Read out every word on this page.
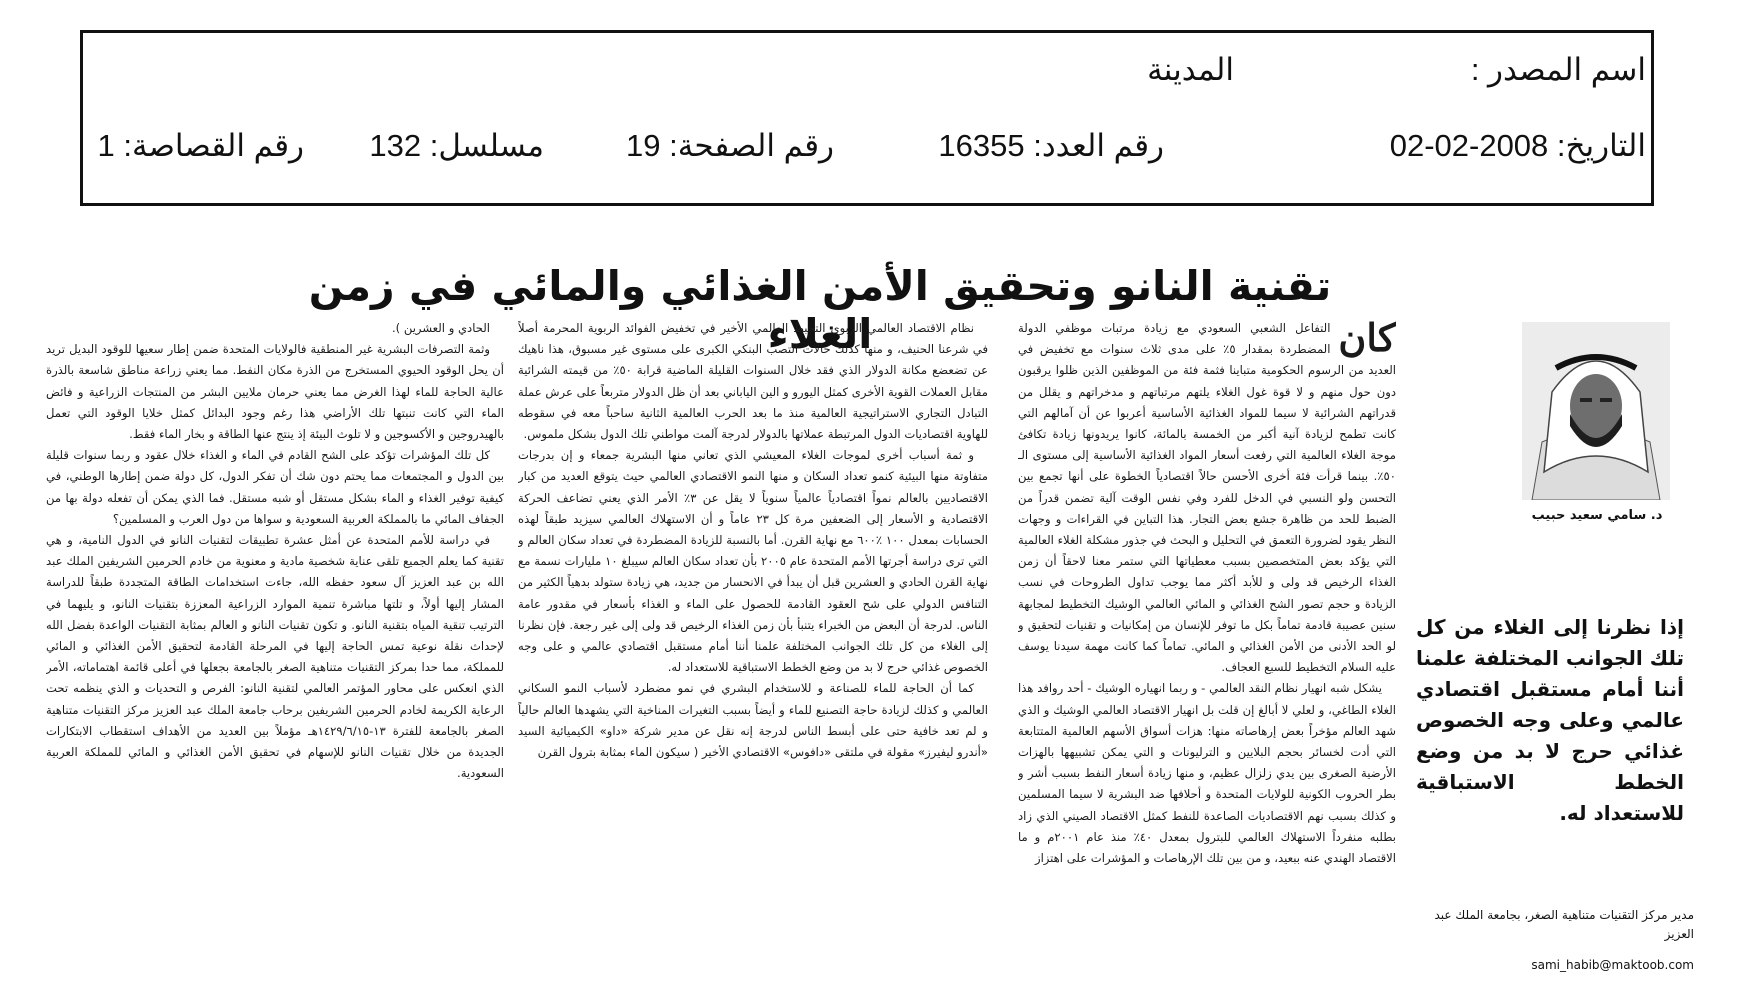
اسم المصدر :
المدينة
التاريخ: 2008-02-02
رقم العدد: 16355
رقم الصفحة: 19
مسلسل: 132
رقم القصاصة: 1
تقنية النانو وتحقيق الأمن الغذائي والمائي في زمن الغلاء	كان
التفاعل الشعبي السعودي مع زيادة مرتبات موظفي الدولة المضطردة بمقدار ٥٪ على مدى ثلاث سنوات مع تخفيض في العديد من الرسوم الحكومية متباينا فثمة فئة من الموظفين الذين ظلوا يرقبون دون حول منهم و لا قوة غول الغلاء يلتهم مرتباتهم و مدخراتهم و يقلل من قدراتهم الشرائية لا سيما للمواد الغذائية الأساسية أعربوا عن أن آمالهم التي كانت تطمح لزيادة آنية أكبر من الخمسة بالمائة، كانوا يريدونها زيادة تكافئ موجة الغلاء العالمية التي رفعت أسعار المواد الغذائية الأساسية إلى مستوى الـ ٥٠٪. بينما قرأت فئة أخرى الأحسن حالاً اقتصادياً الخطوة على أنها تجمع بين التحسن ولو النسبي في الدخل للفرد وفي نفس الوقت آلية تضمن قدراً من الضبط للحد من ظاهرة جشع بعض التجار. هذا التباين في القراءات و وجهات النظر يقود لضرورة التعمق في التحليل و البحث في جذور مشكلة الغلاء العالمية التي يؤكد بعض المتخصصين بسبب معطياتها التي ستمر معنا لاحقاً أن زمن الغذاء الرخيص قد ولى و للأبد أكثر مما يوجب تداول الطروحات في نسب الزيادة و حجم تصور الشح الغذائي و المائي العالمي الوشيك التخطيط لمجابهة سنين عصيبة قادمة تماماً بكل ما توفر للإنسان من إمكانيات و تقنيات لتحقيق و لو الحد الأدنى من الأمن الغذائي و المائي. تماماً كما كانت مهمة سيدنا يوسف عليه السلام التخطيط للسبع العجاف.

يشكل شبه انهيار نظام النقد العالمي - و ربما انهياره الوشيك - أحد روافد هذا الغلاء الطاغي، و لعلي لا أبالغ إن قلت بل انهيار الاقتصاد العالمي الوشيك و الذي شهد العالم مؤخراً بعض إرهاصاته منها: هزات أسواق الأسهم العالمية المتتابعة التي أدت لخسائر بحجم البلايين و الترليونات و التي يمكن تشبيهها بالهزات الأرضية الصغرى بين يدي زلزال عظيم، و منها زيادة أسعار النفط بسبب أشر و بطر الحروب الكونية للولايات المتحدة و أحلافها ضد البشرية لا سيما المسلمين و كذلك بسبب نهم الاقتصاديات الصاعدة للنفط كمثل الاقتصاد الصيني الذي زاد بطلبه منفرداً الاستهلاك العالمي للبترول بمعدل ٤٠٪ منذ عام ٢٠٠١م و ما الاقتصاد الهندي عنه ببعيد، و من بين تلك الإرهاصات و المؤشرات على اهتزاز

نظام الاقتصاد العالمي الربوي التخبط العالمي الأخير في تخفيض الفوائد الربوية المحرمة أصلاً في شرعنا الحنيف، و منها كذلك حالات التصب البنكي الكبرى على مستوى غير مسبوق، هذا ناهيك عن تضعضع مكانة الدولار الذي فقد خلال السنوات القليلة الماضية قرابة ٥٠٪ من قيمته الشرائية مقابل العملات القوية الأخرى كمثل اليورو و الين الياباني بعد أن ظل الدولار متربعاً على عرش عملة التبادل التجاري الاستراتيجية العالمية منذ ما بعد الحرب العالمية الثانية ساحباً معه في سقوطه للهاوية اقتصاديات الدول المرتبطة عملاتها بالدولار لدرجة آلمت مواطني تلك الدول بشكل ملموس.

و ثمة أسباب أخرى لموجات الغلاء المعيشي الذي تعاني منها البشرية جمعاء و إن بدرجات متفاوتة منها البيئية كنمو تعداد السكان و منها النمو الاقتصادي العالمي حيث يتوقع العديد من كبار الاقتصاديين بالعالم نمواً اقتصادياً عالمياً سنوياً لا يقل عن ٣٪ الأمر الذي يعني تضاعف الحركة الاقتصادية و الأسعار إلى الضعفين مرة كل ٢٣ عاماً و أن الاستهلاك العالمي سيزيد طبقاً لهذه الحسابات بمعدل ١٠٠ ٪٦٠٠ مع نهاية القرن. أما بالنسبة للزيادة المضطردة في تعداد سكان العالم و التي ترى دراسة أجرتها الأمم المتحدة عام ٢٠٠٥ بأن تعداد سكان العالم سيبلغ ١٠ مليارات نسمة مع نهاية القرن الحادي و العشرين قبل أن يبدأ في الانحسار من جديد، هي زيادة ستولد بدهياً الكثير من التنافس الدولي على شح العقود القادمة للحصول على الماء و الغذاء بأسعار في مقدور عامة الناس. لدرجة أن البعض من الخبراء يتنبأ بأن زمن الغذاء الرخيص قد ولى إلى غير رجعة. فإن نظرنا إلى الغلاء من كل تلك الجوانب المختلفة علمنا أننا أمام مستقبل اقتصادي عالمي و على وجه الخصوص غذائي حرج لا بد من وضع الخطط الاستباقية للاستعداد له.

كما أن الحاجة للماء للصناعة و للاستخدام البشري في نمو مضطرد لأسباب النمو السكاني العالمي و كذلك لزيادة حاجة التصنيع للماء و أيضاً بسبب التغيرات المناخية التي يشهدها العالم حالياً و لم تعد خافية حتى على أبسط الناس لدرجة إنه نقل عن مدير شركة «داو» الكيميائية السيد «أندرو ليفيرز» مقولة في ملتقى «دافوس» الاقتصادي الأخير ( سيكون الماء بمثابة بترول القرن

الحادي و العشرين ).

وثمة التصرفات البشرية غير المنطقية فالولايات المتحدة ضمن إطار سعيها للوقود البديل تريد أن يحل الوقود الحيوي المستخرج من الذرة مكان النفط. مما يعني زراعة مناطق شاسعة بالذرة عالية الحاجة للماء لهذا الغرض مما يعني حرمان ملايين البشر من المنتجات الزراعية و فائض الماء التي كانت تنبتها تلك الأراضي هذا رغم وجود البدائل كمثل خلايا الوقود التي تعمل بالهيدروجين و الأكسوجين و لا تلوث البيئة إذ ينتج عنها الطاقة و بخار الماء فقط.

كل تلك المؤشرات تؤكد على الشح القادم في الماء و الغذاء خلال عقود و ربما سنوات قليلة بين الدول و المجتمعات مما يحتم دون شك أن تفكر الدول، كل دولة ضمن إطارها الوطني، في كيفية توفير الغذاء و الماء بشكل مستقل أو شبه مستقل. فما الذي يمكن أن تفعله دولة بها من الجفاف المائي ما بالمملكة العربية السعودية و سواها من دول العرب و المسلمين؟

في دراسة للأمم المتحدة عن أمثل عشرة تطبيقات لتقنيات النانو في الدول النامية، و هي تقنية كما يعلم الجميع تلقى عناية شخصية مادية و معنوية من خادم الحرمين الشريفين الملك عبد الله بن عبد العزيز آل سعود حفظه الله، جاءت استخدامات الطاقة المتجددة طبقاً للدراسة المشار إليها أولاً، و تلتها مباشرة تنمية الموارد الزراعية المعززة بتقنيات النانو، و يليهما في الترتيب تنقية المياه بتقنية النانو. و تكون تقنيات النانو و العالم بمثابة التقنيات الواعدة بفضل الله لإحداث نقلة نوعية تمس الحاجة إليها في المرحلة القادمة لتحقيق الأمن الغذائي و المائي للمملكة، مما حدا بمركز التقنيات متناهية الصغر بالجامعة بجعلها في أعلى قائمة اهتماماته، الأمر الذي انعكس على محاور المؤتمر العالمي لتقنية النانو: الفرص و التحديات و الذي ينظمه تحت الرعاية الكريمة لخادم الحرمين الشريفين برحاب جامعة الملك عبد العزيز مركز التقنيات متناهية الصغر بالجامعة للفترة ١٣-١٤٢٩/٦/١٥هـ مؤملاً بين العديد من الأهداف استقطاب الابتكارات الجديدة من خلال تقنيات النانو للإسهام في تحقيق الأمن الغذائي و المائي للمملكة العربية السعودية.

د. سامي سعيد حبيب
إذا نظرنا إلى الغلاء من كل تلك الجوانب المختلفة علمنا أننا أمام مستقبل اقتصادي عالمي وعلى وجه الخصوص غذائي حرج لا بد من وضع الخطط الاستباقية للاستعداد له.
مدير مركز التقنيات متناهية الصغر، بجامعة الملك عبد العزيز
sami_habib@maktoob.com
